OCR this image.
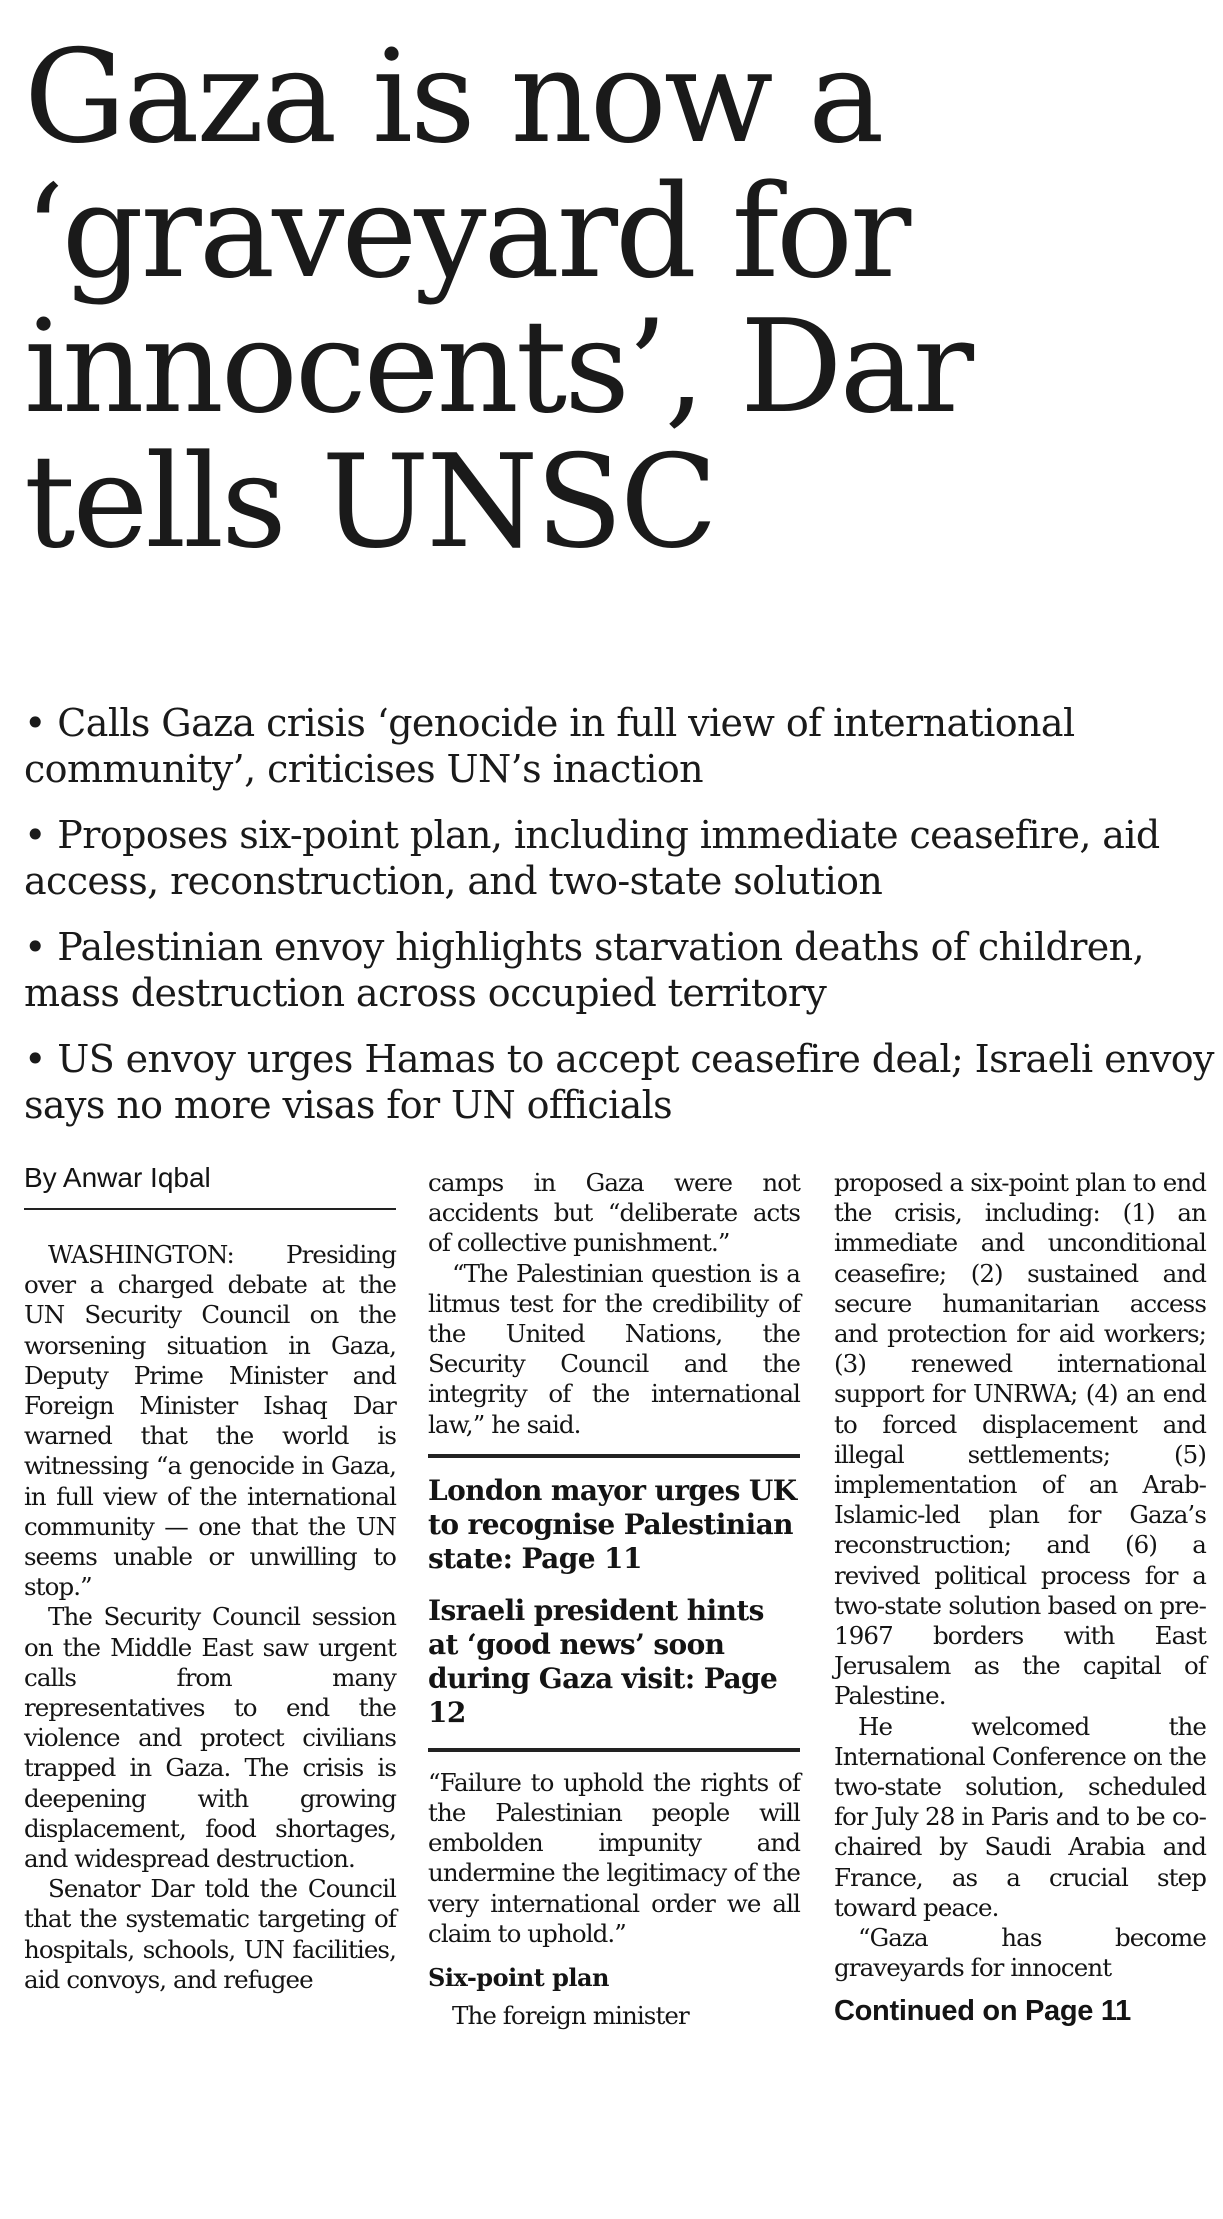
Gaza is now a
‘graveyard for
innocents’, Dar
tells UNSC
• Calls Gaza crisis ‘genocide in full view of international community’, criticises UN’s inaction
• Proposes six-point plan, including immediate ceasefire, aid access, reconstruction, and two-state solution
• Palestinian envoy highlights starvation deaths of children, mass destruction across occupied territory
• US envoy urges Hamas to accept ceasefire deal; Israeli envoy says no more visas for UN officials
By Anwar Iqbal

WASHINGTON: Presiding over a charged debate at the UN Security Council on the worsening situation in Gaza, Deputy Prime Minister and Foreign Minister Ishaq Dar warned that the world is witnessing “a genocide in Gaza, in full view of the international community — one that the UN seems unable or unwilling to stop.”

The Security Council session on the Middle East saw urgent calls from many representatives to end the violence and protect civilians trapped in Gaza. The crisis is deepening with growing displacement, food shortages, and widespread destruction.

Senator Dar told the Council that the systematic targeting of hospitals, schools, UN facilities, aid convoys, and refugee

camps in Gaza were not accidents but “deliberate acts of collective punishment.”

“The Palestinian question is a litmus test for the credibility of the United Nations, the Security Council and the integrity of the international law,” he said.

London mayor urges UK to recognise Palestinian state: Page 11
Israeli president hints at ‘good news’ soon during Gaza visit: Page 12

“Failure to uphold the rights of the Palestinian people will embolden impunity and undermine the legitimacy of the very international order we all claim to uphold.”

Six-point plan

The foreign minister

proposed a six-point plan to end the crisis, including: (1) an immediate and unconditional ceasefire; (2) sustained and secure humanitarian access and protection for aid workers; (3) renewed international support for UNRWA; (4) an end to forced displacement and illegal settlements; (5) implementation of an Arab-Islamic-led plan for Gaza’s reconstruction; and (6) a revived political process for a two-state solution based on pre-1967 borders with East Jerusalem as the capital of Palestine.

He welcomed the International Conference on the two-state solution, scheduled for July 28 in Paris and to be co-chaired by Saudi Arabia and France, as a crucial step toward peace.

“Gaza has become graveyards for innocent

Continued on Page 11
